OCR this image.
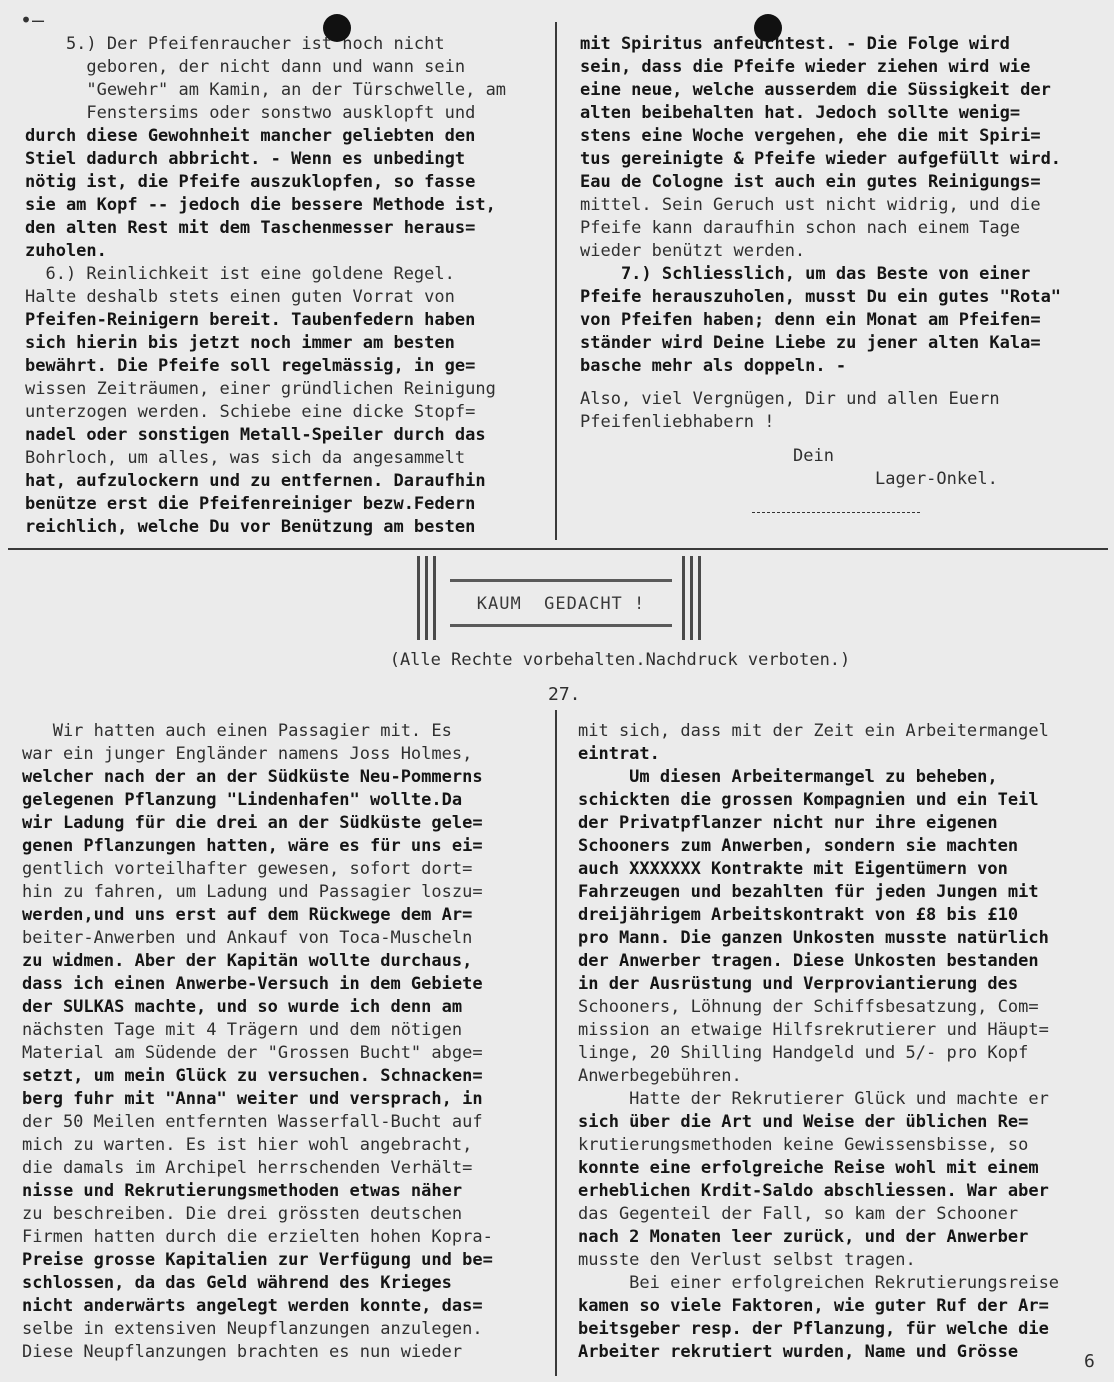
•—
5.) Der Pfeifenraucher ist noch nicht
geboren, der nicht dann und wann sein
"Gewehr" am Kamin, an der Türschwelle, am
Fenstersims oder sonstwo ausklopft und
durch diese Gewohnheit mancher geliebten den
Stiel dadurch abbricht. - Wenn es unbedingt
nötig ist, die Pfeife auszuklopfen, so fasse
sie am Kopf -- jedoch die bessere Methode ist,
den alten Rest mit dem Taschenmesser heraus=
zuholen.
6.) Reinlichkeit ist eine goldene Regel.
Halte deshalb stets einen guten Vorrat von
Pfeifen-Reinigern bereit. Taubenfedern haben
sich hierin bis jetzt noch immer am besten
bewährt. Die Pfeife soll regelmässig, in ge=
wissen Zeiträumen, einer gründlichen Reinigung
unterzogen werden. Schiebe eine dicke Stopf=
nadel oder sonstigen Metall-Speiler durch das
Bohrloch, um alles, was sich da angesammelt
hat, aufzulockern und zu entfernen. Daraufhin
benütze erst die Pfeifenreiniger bezw.Federn
reichlich, welche Du vor Benützung am besten
mit Spiritus anfeuchtest. - Die Folge wird
sein, dass die Pfeife wieder ziehen wird wie
eine neue, welche ausserdem die Süssigkeit der
alten beibehalten hat. Jedoch sollte wenig=
stens eine Woche vergehen, ehe die mit Spiri=
tus gereinigte & Pfeife wieder aufgefüllt wird.
Eau de Cologne ist auch ein gutes Reinigungs=
mittel. Sein Geruch ust nicht widrig, und die
Pfeife kann daraufhin schon nach einem Tage
wieder benützt werden.
7.) Schliesslich, um das Beste von einer
Pfeife herauszuholen, musst Du ein gutes "Rota"
von Pfeifen haben; denn ein Monat am Pfeifen=
ständer wird Deine Liebe zu jener alten Kala=
basche mehr als doppeln. -
Also, viel Vergnügen, Dir und allen Euern
Pfeifenliebhabern !
Dein
Lager-Onkel.
KAUM  GEDACHT !
(Alle Rechte vorbehalten.Nachdruck verboten.)
27.
Wir hatten auch einen Passagier mit. Es
war ein junger Engländer namens Joss Holmes,
welcher nach der an der Südküste Neu-Pommerns
gelegenen Pflanzung "Lindenhafen" wollte.Da
wir Ladung für die drei an der Südküste gele=
genen Pflanzungen hatten, wäre es für uns ei=
gentlich vorteilhafter gewesen, sofort dort=
hin zu fahren, um Ladung und Passagier loszu=
werden,und uns erst auf dem Rückwege dem Ar=
beiter-Anwerben und Ankauf von Toca-Muscheln
zu widmen. Aber der Kapitän wollte durchaus,
dass ich einen Anwerbe-Versuch in dem Gebiete
der SULKAS machte, und so wurde ich denn am
nächsten Tage mit 4 Trägern und dem nötigen
Material am Südende der "Grossen Bucht" abge=
setzt, um mein Glück zu versuchen. Schnacken=
berg fuhr mit "Anna" weiter und versprach, in
der 50 Meilen entfernten Wasserfall-Bucht auf
mich zu warten. Es ist hier wohl angebracht,
die damals im Archipel herrschenden Verhält=
nisse und Rekrutierungsmethoden etwas näher
zu beschreiben. Die drei grössten deutschen
Firmen hatten durch die erzielten hohen Kopra-
Preise grosse Kapitalien zur Verfügung und be=
schlossen, da das Geld während des Krieges
nicht anderwärts angelegt werden konnte, das=
selbe in extensiven Neupflanzungen anzulegen.
Diese Neupflanzungen brachten es nun wieder
mit sich, dass mit der Zeit ein Arbeitermangel
eintrat.
Um diesen Arbeitermangel zu beheben,
schickten die grossen Kompagnien und ein Teil
der Privatpflanzer nicht nur ihre eigenen
Schooners zum Anwerben, sondern sie machten
auch XXXXXXX Kontrakte mit Eigentümern von
Fahrzeugen und bezahlten für jeden Jungen mit
dreijährigem Arbeitskontrakt von £8 bis £10
pro Mann. Die ganzen Unkosten musste natürlich
der Anwerber tragen. Diese Unkosten bestanden
in der Ausrüstung und Verproviantierung des
Schooners, Löhnung der Schiffsbesatzung, Com=
mission an etwaige Hilfsrekrutierer und Häupt=
linge, 20 Shilling Handgeld und 5/- pro Kopf
Anwerbegebühren.
Hatte der Rekrutierer Glück und machte er
sich über die Art und Weise der üblichen Re=
krutierungsmethoden keine Gewissensbisse, so
konnte eine erfolgreiche Reise wohl mit einem
erheblichen Krdit-Saldo abschliessen. War aber
das Gegenteil der Fall, so kam der Schooner
nach 2 Monaten leer zurück, und der Anwerber
musste den Verlust selbst tragen.
Bei einer erfolgreichen Rekrutierungsreise
kamen so viele Faktoren, wie guter Ruf der Ar=
beitsgeber resp. der Pflanzung, für welche die
Arbeiter rekrutiert wurden, Name und Grösse	6
